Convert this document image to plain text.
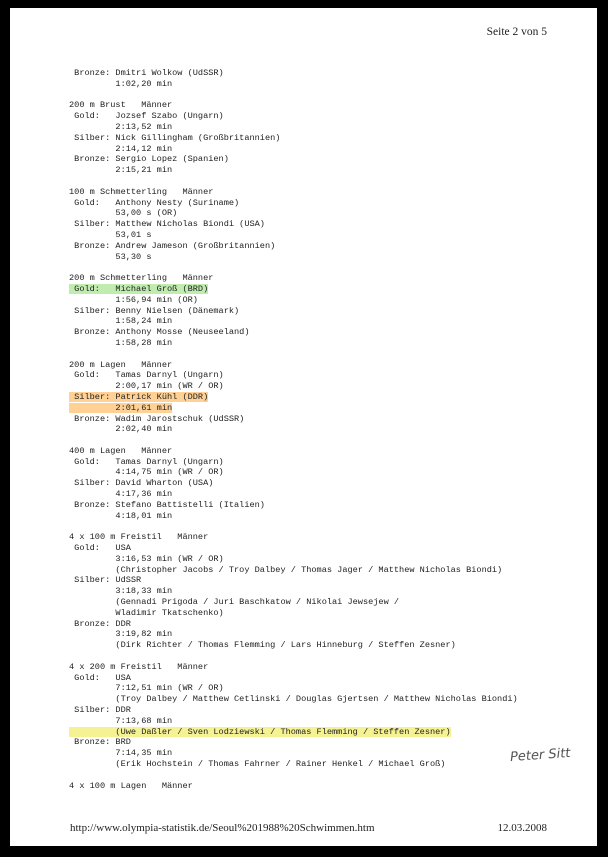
Seite 2 von 5
Bronze: Dmitri Wolkow (UdSSR)
1:02,20 min
200 m Brust   Männer
Gold:   Jozsef Szabo (Ungarn)
2:13,52 min
Silber: Nick Gillingham (Großbritannien)
2:14,12 min
Bronze: Sergio Lopez (Spanien)
2:15,21 min
100 m Schmetterling   Männer
Gold:   Anthony Nesty (Suriname)
53,00 s (OR)
Silber: Matthew Nicholas Biondi (USA)
53,01 s
Bronze: Andrew Jameson (Großbritannien)
53,30 s
200 m Schmetterling   Männer
Gold:   Michael Groß (BRD)
1:56,94 min (OR)
Silber: Benny Nielsen (Dänemark)
1:58,24 min
Bronze: Anthony Mosse (Neuseeland)
1:58,28 min
200 m Lagen   Männer
Gold:   Tamas Darnyl (Ungarn)
2:00,17 min (WR / OR)
Silber: Patrick Kühl (DDR)
2:01,61 min
Bronze: Wadim Jarostschuk (UdSSR)
2:02,40 min
400 m Lagen   Männer
Gold:   Tamas Darnyl (Ungarn)
4:14,75 min (WR / OR)
Silber: David Wharton (USA)
4:17,36 min
Bronze: Stefano Battistelli (Italien)
4:18,01 min
4 x 100 m Freistil   Männer
Gold:   USA
3:16,53 min (WR / OR)
(Christopher Jacobs / Troy Dalbey / Thomas Jager / Matthew Nicholas Biondi)
Silber: UdSSR
3:18,33 min
(Gennadi Prigoda / Juri Baschkatow / Nikolai Jewsejew /
Wladimir Tkatschenko)
Bronze: DDR
3:19,82 min
(Dirk Richter / Thomas Flemming / Lars Hinneburg / Steffen Zesner)
4 x 200 m Freistil   Männer
Gold:   USA
7:12,51 min (WR / OR)
(Troy Dalbey / Matthew Cetlinski / Douglas Gjertsen / Matthew Nicholas Biondi)
Silber: DDR
7:13,68 min
(Uwe Daßler / Sven Lodziewski / Thomas Flemming / Steffen Zesner)
Bronze: BRD
7:14,35 min
(Erik Hochstein / Thomas Fahrner / Rainer Henkel / Michael Groß)
4 x 100 m Lagen   Männer
Peter Sitt
http://www.olympia-statistik.de/Seoul%201988%20Schwimmen.htm	12.03.2008
